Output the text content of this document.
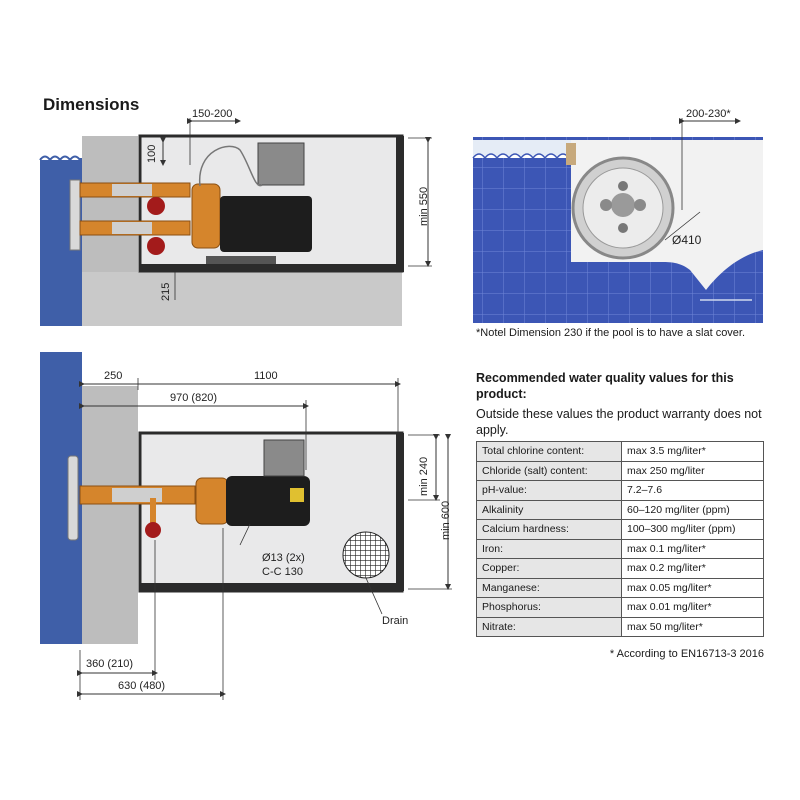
Dimensions	150-200
100
min 550
215
200-230*
Ø410
*Notel Dimension 230 if the pool is to have a slat cover.
250	1100
970 (820)
min 240
min 600
Ø13 (2x)
C-C 130
Drain
360 (210)
630 (480)
Recommended water quality values for this product:
Outside these values the product warranty does not apply.
Total chlorine content:	max 3.5 mg/liter*
Chloride (salt) content:	max 250 mg/liter
pH-value:	7.2–7.6
Alkalinity	60–120 mg/liter (ppm)
Calcium hardness:	100–300 mg/liter (ppm)
Iron:	max 0.1 mg/liter*
Copper:	max 0.2 mg/liter*
Manganese:	max 0.05 mg/liter*
Phosphorus:	max 0.01 mg/liter*
Nitrate:	max 50 mg/liter*
* According to EN16713-3 2016
